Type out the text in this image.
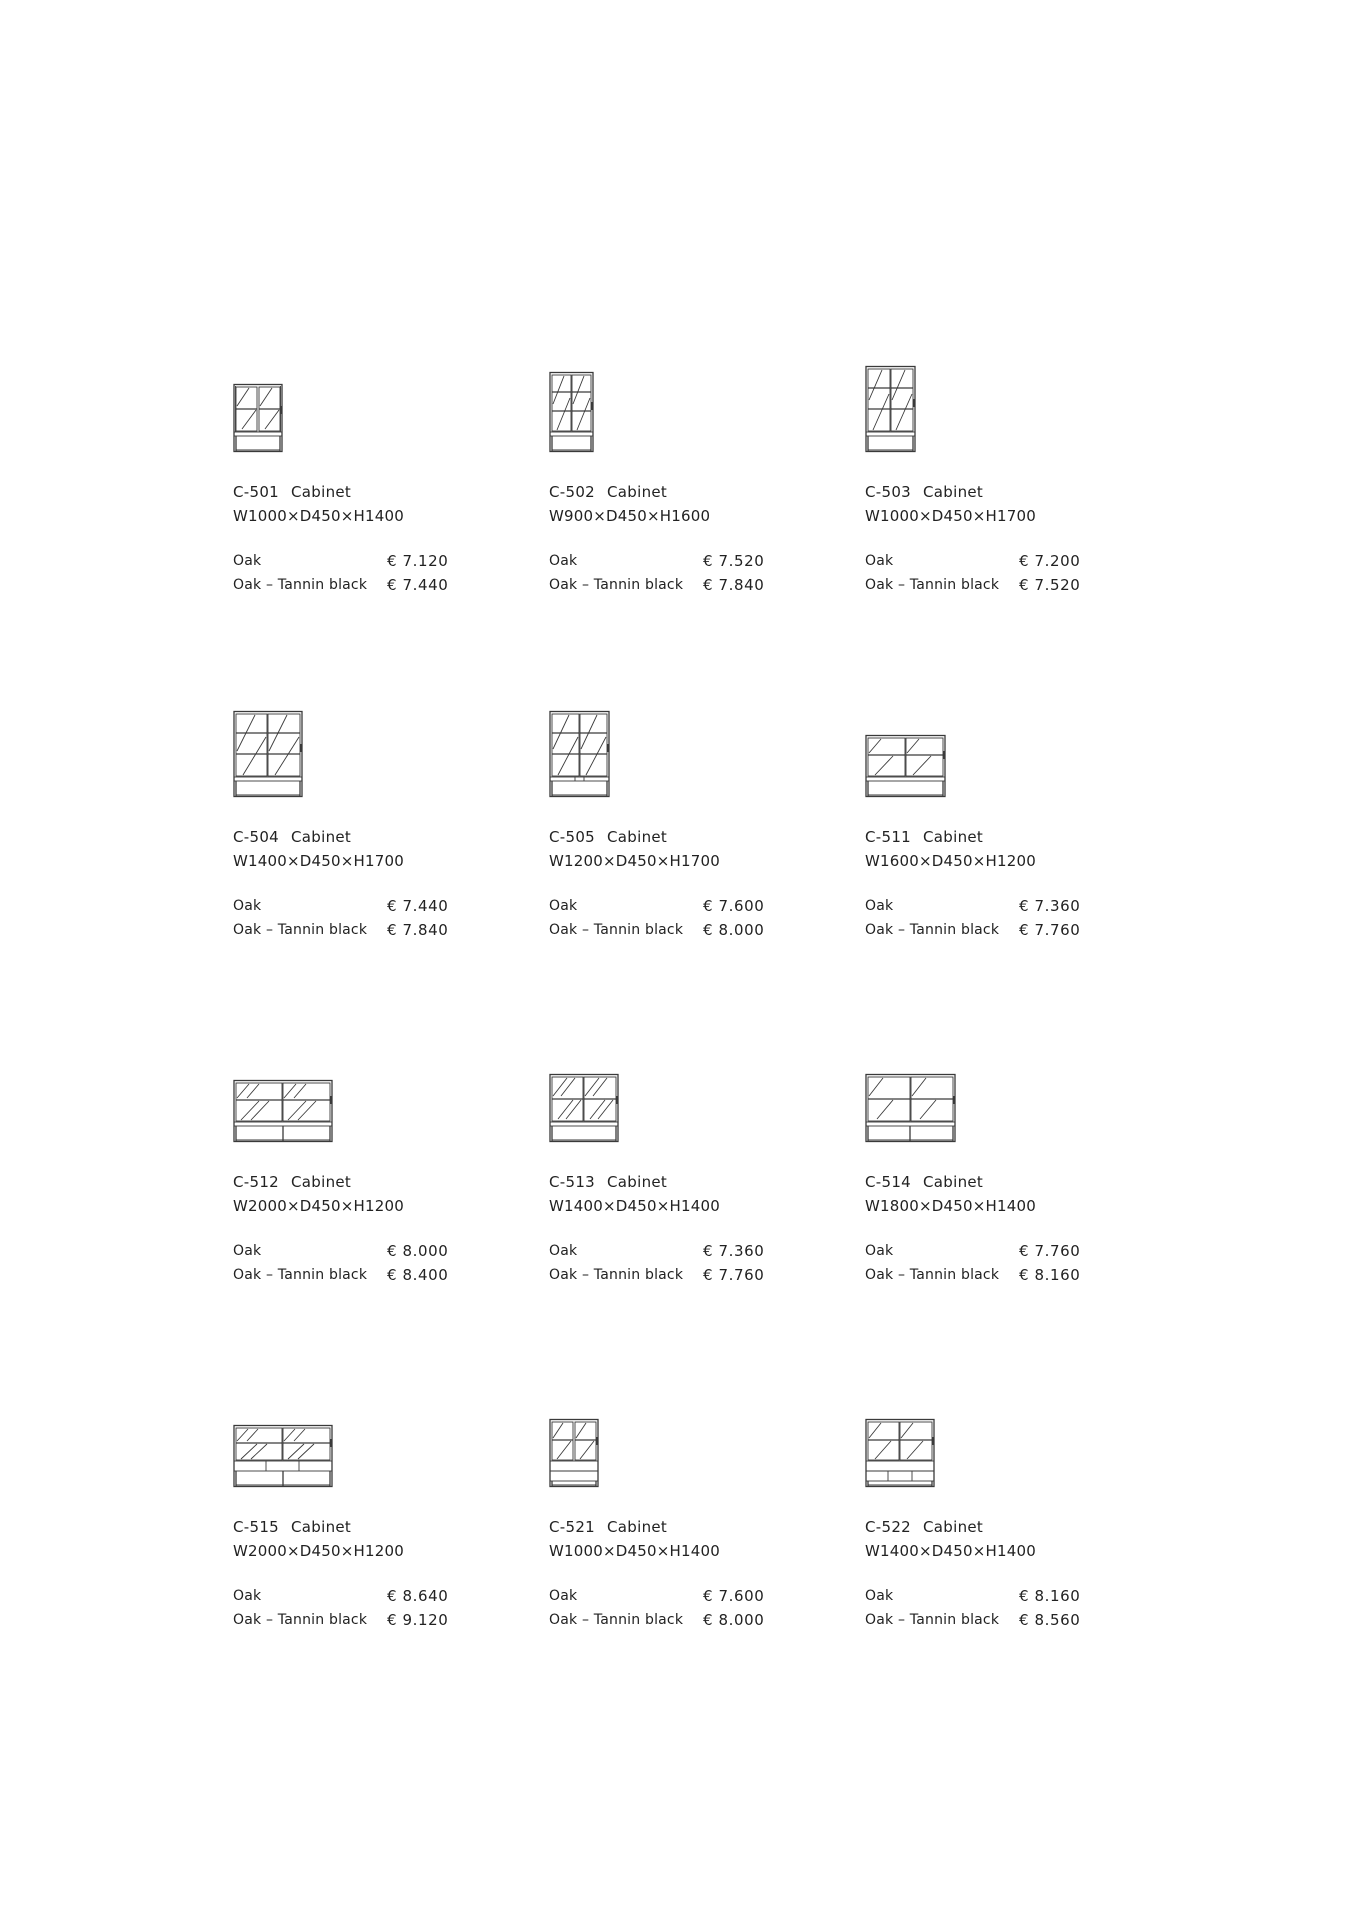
C-501 Cabinet
W1000×D450×H1400
Oak	€ 7.120
Oak – Tannin black	€ 7.440
C-502 Cabinet
W900×D450×H1600
Oak	€ 7.520
Oak – Tannin black	€ 7.840
C-503 Cabinet
W1000×D450×H1700
Oak	€ 7.200
Oak – Tannin black	€ 7.520
C-504 Cabinet
W1400×D450×H1700
Oak	€ 7.440
Oak – Tannin black	€ 7.840
C-505 Cabinet
W1200×D450×H1700
Oak	€ 7.600
Oak – Tannin black	€ 8.000
C-511 Cabinet
W1600×D450×H1200
Oak	€ 7.360
Oak – Tannin black	€ 7.760
C-512 Cabinet
W2000×D450×H1200
Oak	€ 8.000
Oak – Tannin black	€ 8.400
C-513 Cabinet
W1400×D450×H1400
Oak	€ 7.360
Oak – Tannin black	€ 7.760
C-514 Cabinet
W1800×D450×H1400
Oak	€ 7.760
Oak – Tannin black	€ 8.160
C-515 Cabinet
W2000×D450×H1200
Oak	€ 8.640
Oak – Tannin black	€ 9.120
C-521 Cabinet
W1000×D450×H1400
Oak	€ 7.600
Oak – Tannin black	€ 8.000
C-522 Cabinet
W1400×D450×H1400
Oak	€ 8.160
Oak – Tannin black	€ 8.560
